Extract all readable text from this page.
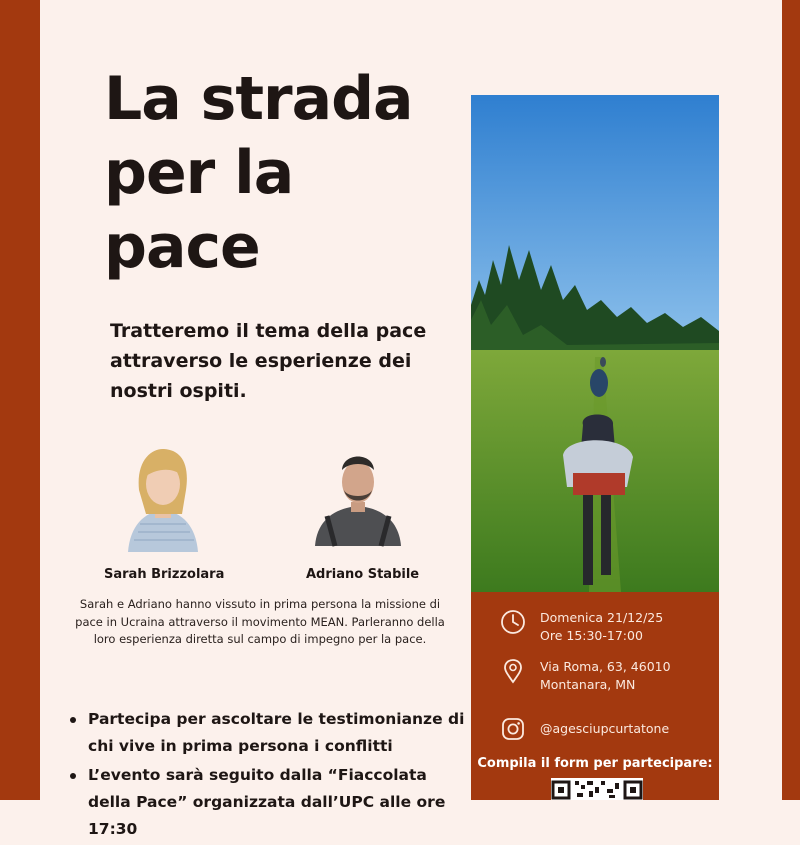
La strada
per la
pace

Tratteremo il tema della pace attraverso le esperienze dei nostri ospiti.

Sarah Brizzolara	Adriano Stabile

Sarah e Adriano hanno vissuto in prima persona la missione di pace in Ucraina attraverso il movimento MEAN. Parleranno della loro esperienza diretta sul campo di impegno per la pace.

Partecipa per ascoltare le testimonianze di chi vive in prima persona i conflitti
L’evento sarà seguito dalla “Fiaccolata della Pace” organizzata dall’UPC alle ore 17:30
Domenica 21/12/25
Ore 15:30-17:00
Via Roma, 63, 46010
Montanara, MN
@agesciupcurtatone
Compila il form per partecipare:
